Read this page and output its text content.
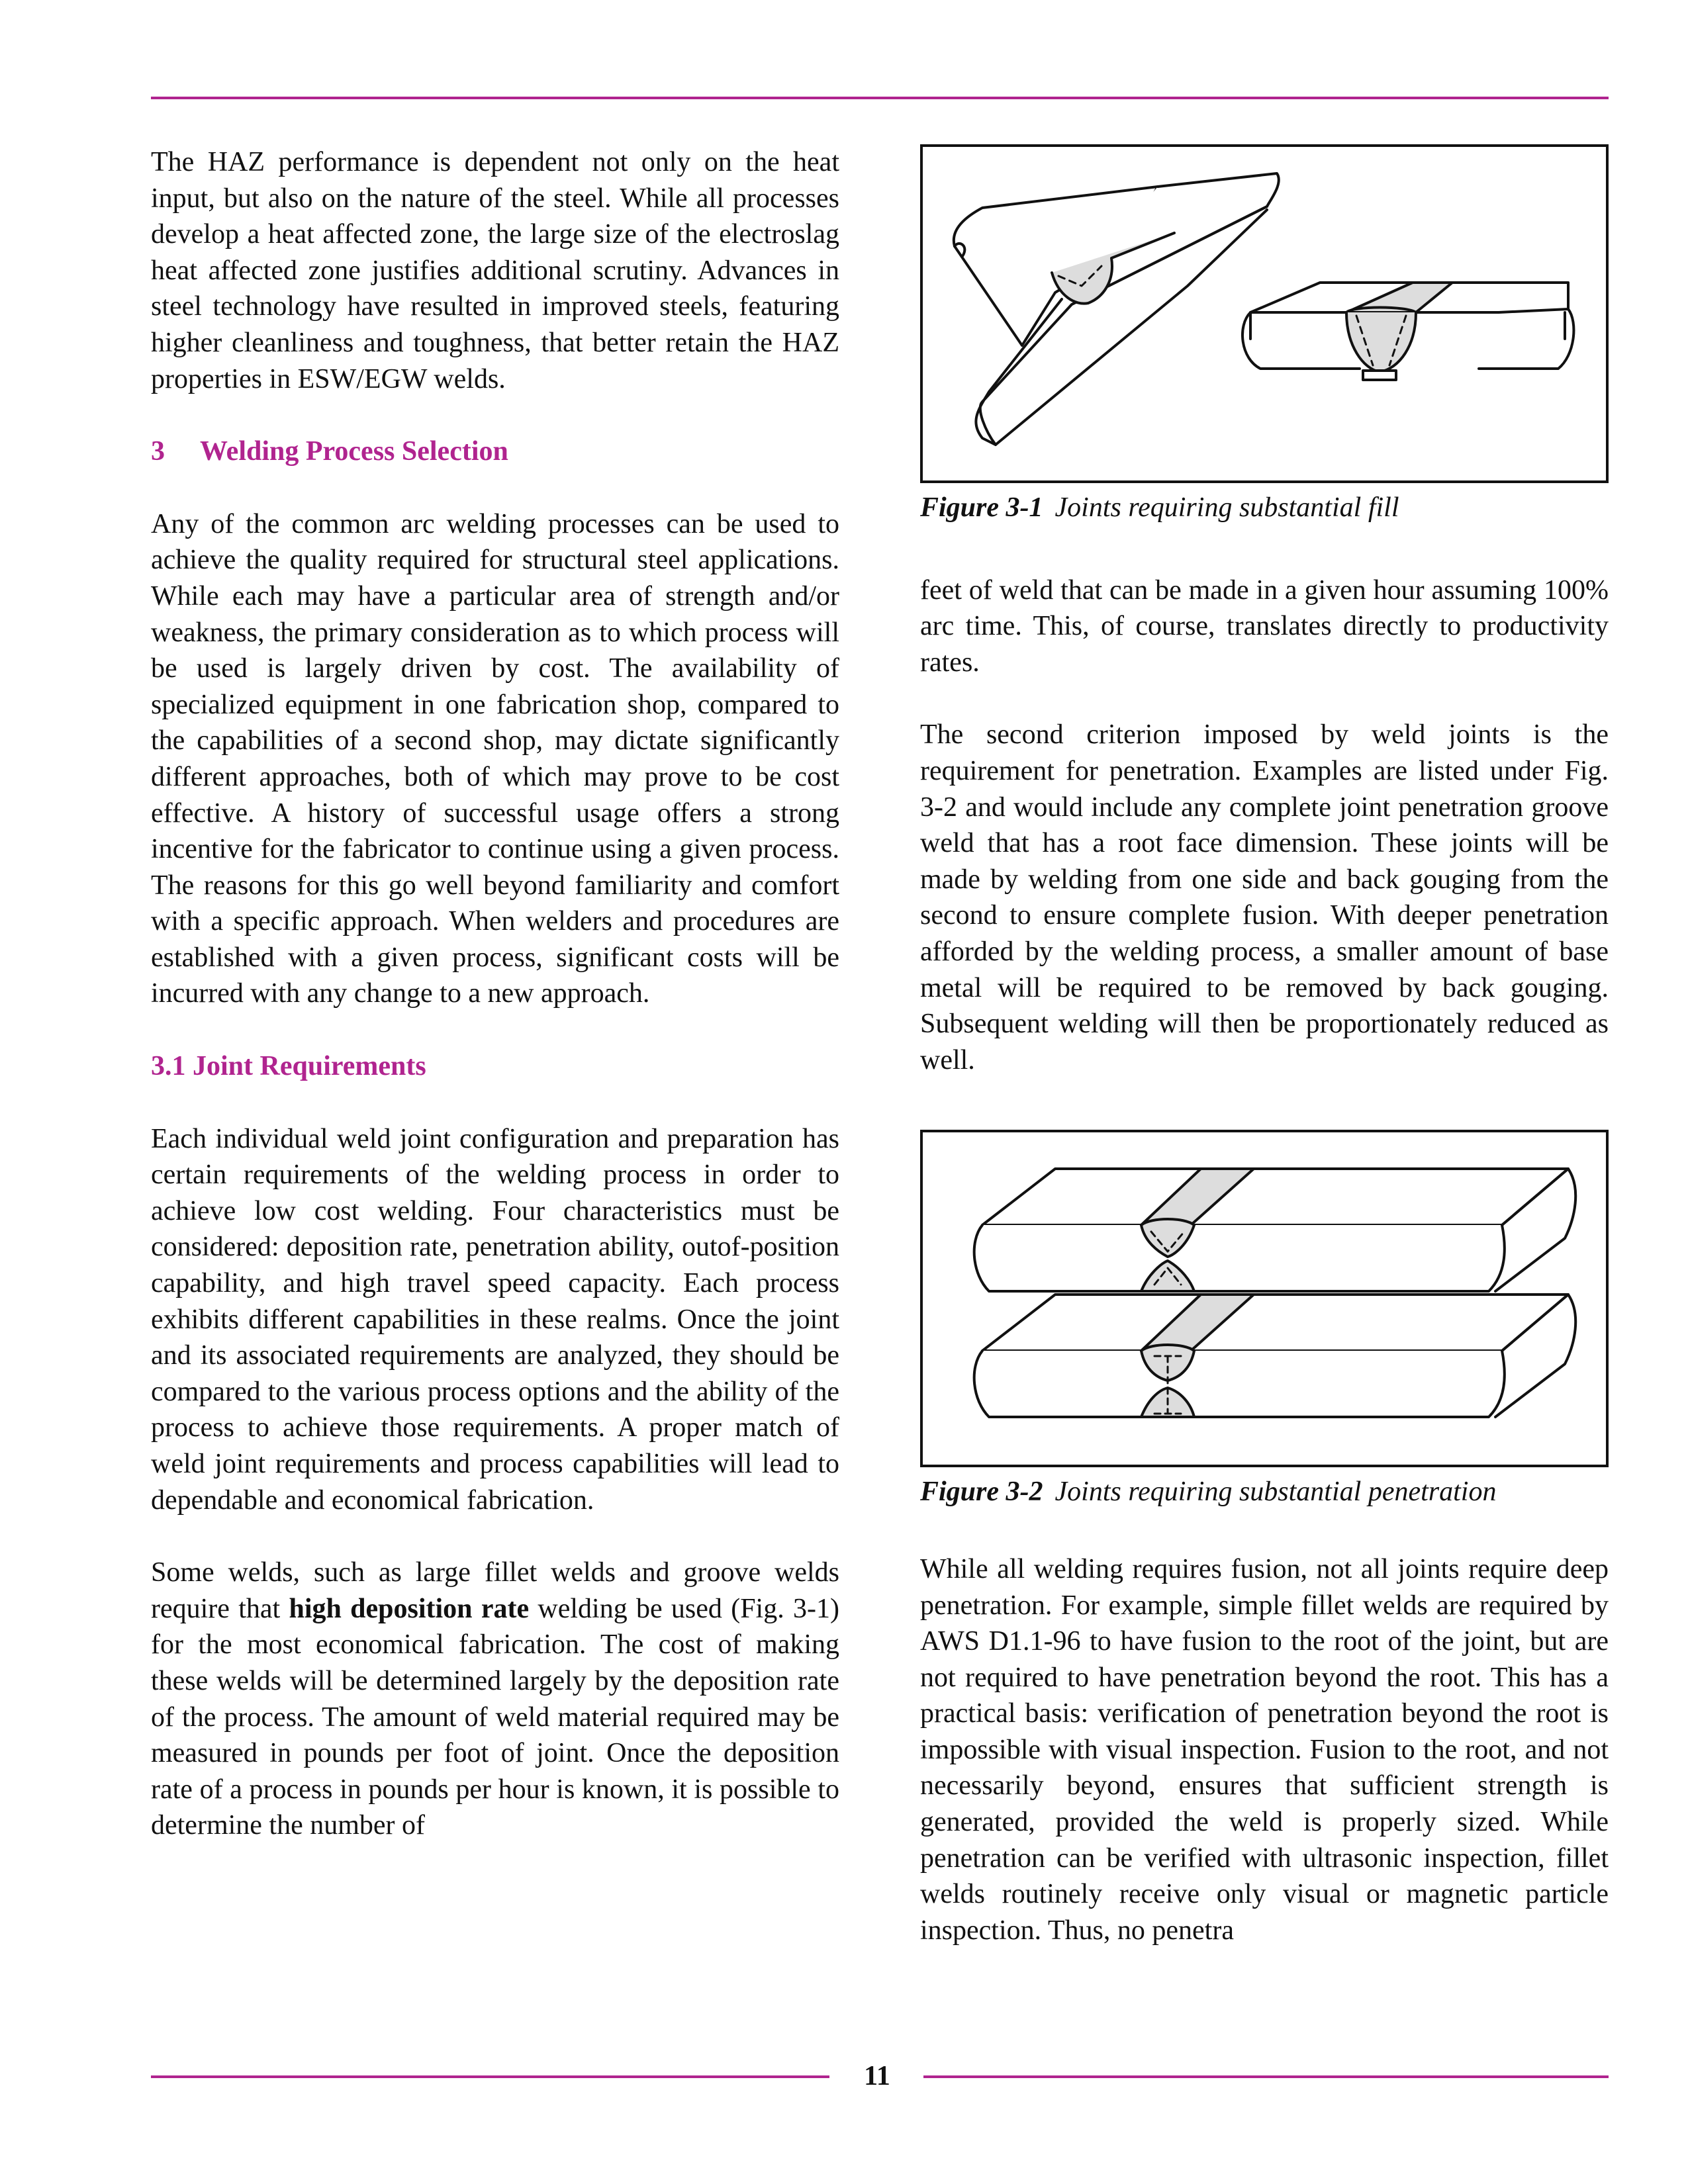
The HAZ performance is dependent not only on the heat input, but also on the nature of the steel. While all processes develop a heat affected zone, the large size of the electroslag heat affected zone justifies additional scrutiny. Advances in steel technology have resulted in improved steels, featuring higher cleanliness and toughness, that better retain the HAZ properties in ESW/EGW welds.

3 Welding Process Selection

Any of the common arc welding processes can be used to achieve the quality required for structural steel applications. While each may have a particular area of strength and/or weakness, the primary consideration as to which process will be used is largely driven by cost. The availability of specialized equipment in one fabrication shop, compared to the capabilities of a second shop, may dictate significantly different approaches, both of which may prove to be cost effective. A history of successful usage offers a strong incentive for the fabricator to continue using a given process. The reasons for this go well beyond familiarity and comfort with a specific approach. When welders and procedures are established with a given process, significant costs will be incurred with any change to a new approach.

3.1 Joint Requirements

Each individual weld joint configuration and preparation has certain requirements of the welding process in order to achieve low cost welding. Four characteristics must be considered: deposition rate, penetration ability, outof-position capability, and high travel speed capacity. Each process exhibits different capabilities in these realms. Once the joint and its associated requirements are analyzed, they should be compared to the various process options and the ability of the process to achieve those requirements. A proper match of weld joint requirements and process capabilities will lead to dependable and economical fabrication.

Some welds, such as large fillet welds and groove welds require that high deposition rate welding be used (Fig. 3-1) for the most economical fabrication. The cost of making these welds will be determined largely by the deposition rate of the process. The amount of weld material required may be measured in pounds per foot of joint. Once the deposition rate of a process in pounds per hour is known, it is possible to determine the number of

Figure 3-1 Joints requiring substantial fill

feet of weld that can be made in a given hour assuming 100% arc time. This, of course, translates directly to productivity rates.

The second criterion imposed by weld joints is the requirement for penetration. Examples are listed under Fig. 3-2 and would include any complete joint penetration groove weld that has a root face dimension. These joints will be made by welding from one side and back gouging from the second to ensure complete fusion. With deeper penetration afforded by the welding process, a smaller amount of base metal will be required to be removed by back gouging. Subsequent welding will then be proportionately reduced as well.

Figure 3-2 Joints requiring substantial penetration

While all welding requires fusion, not all joints require deep penetration. For example, simple fillet welds are required by AWS D1.1-96 to have fusion to the root of the joint, but are not required to have penetration beyond the root. This has a practical basis: verification of penetration beyond the root is impossible with visual inspection. Fusion to the root, and not necessarily beyond, ensures that sufficient strength is generated, provided the weld is properly sized. While penetration can be verified with ultrasonic inspection, fillet welds routinely receive only visual or magnetic particle inspection. Thus, no penetra

11
